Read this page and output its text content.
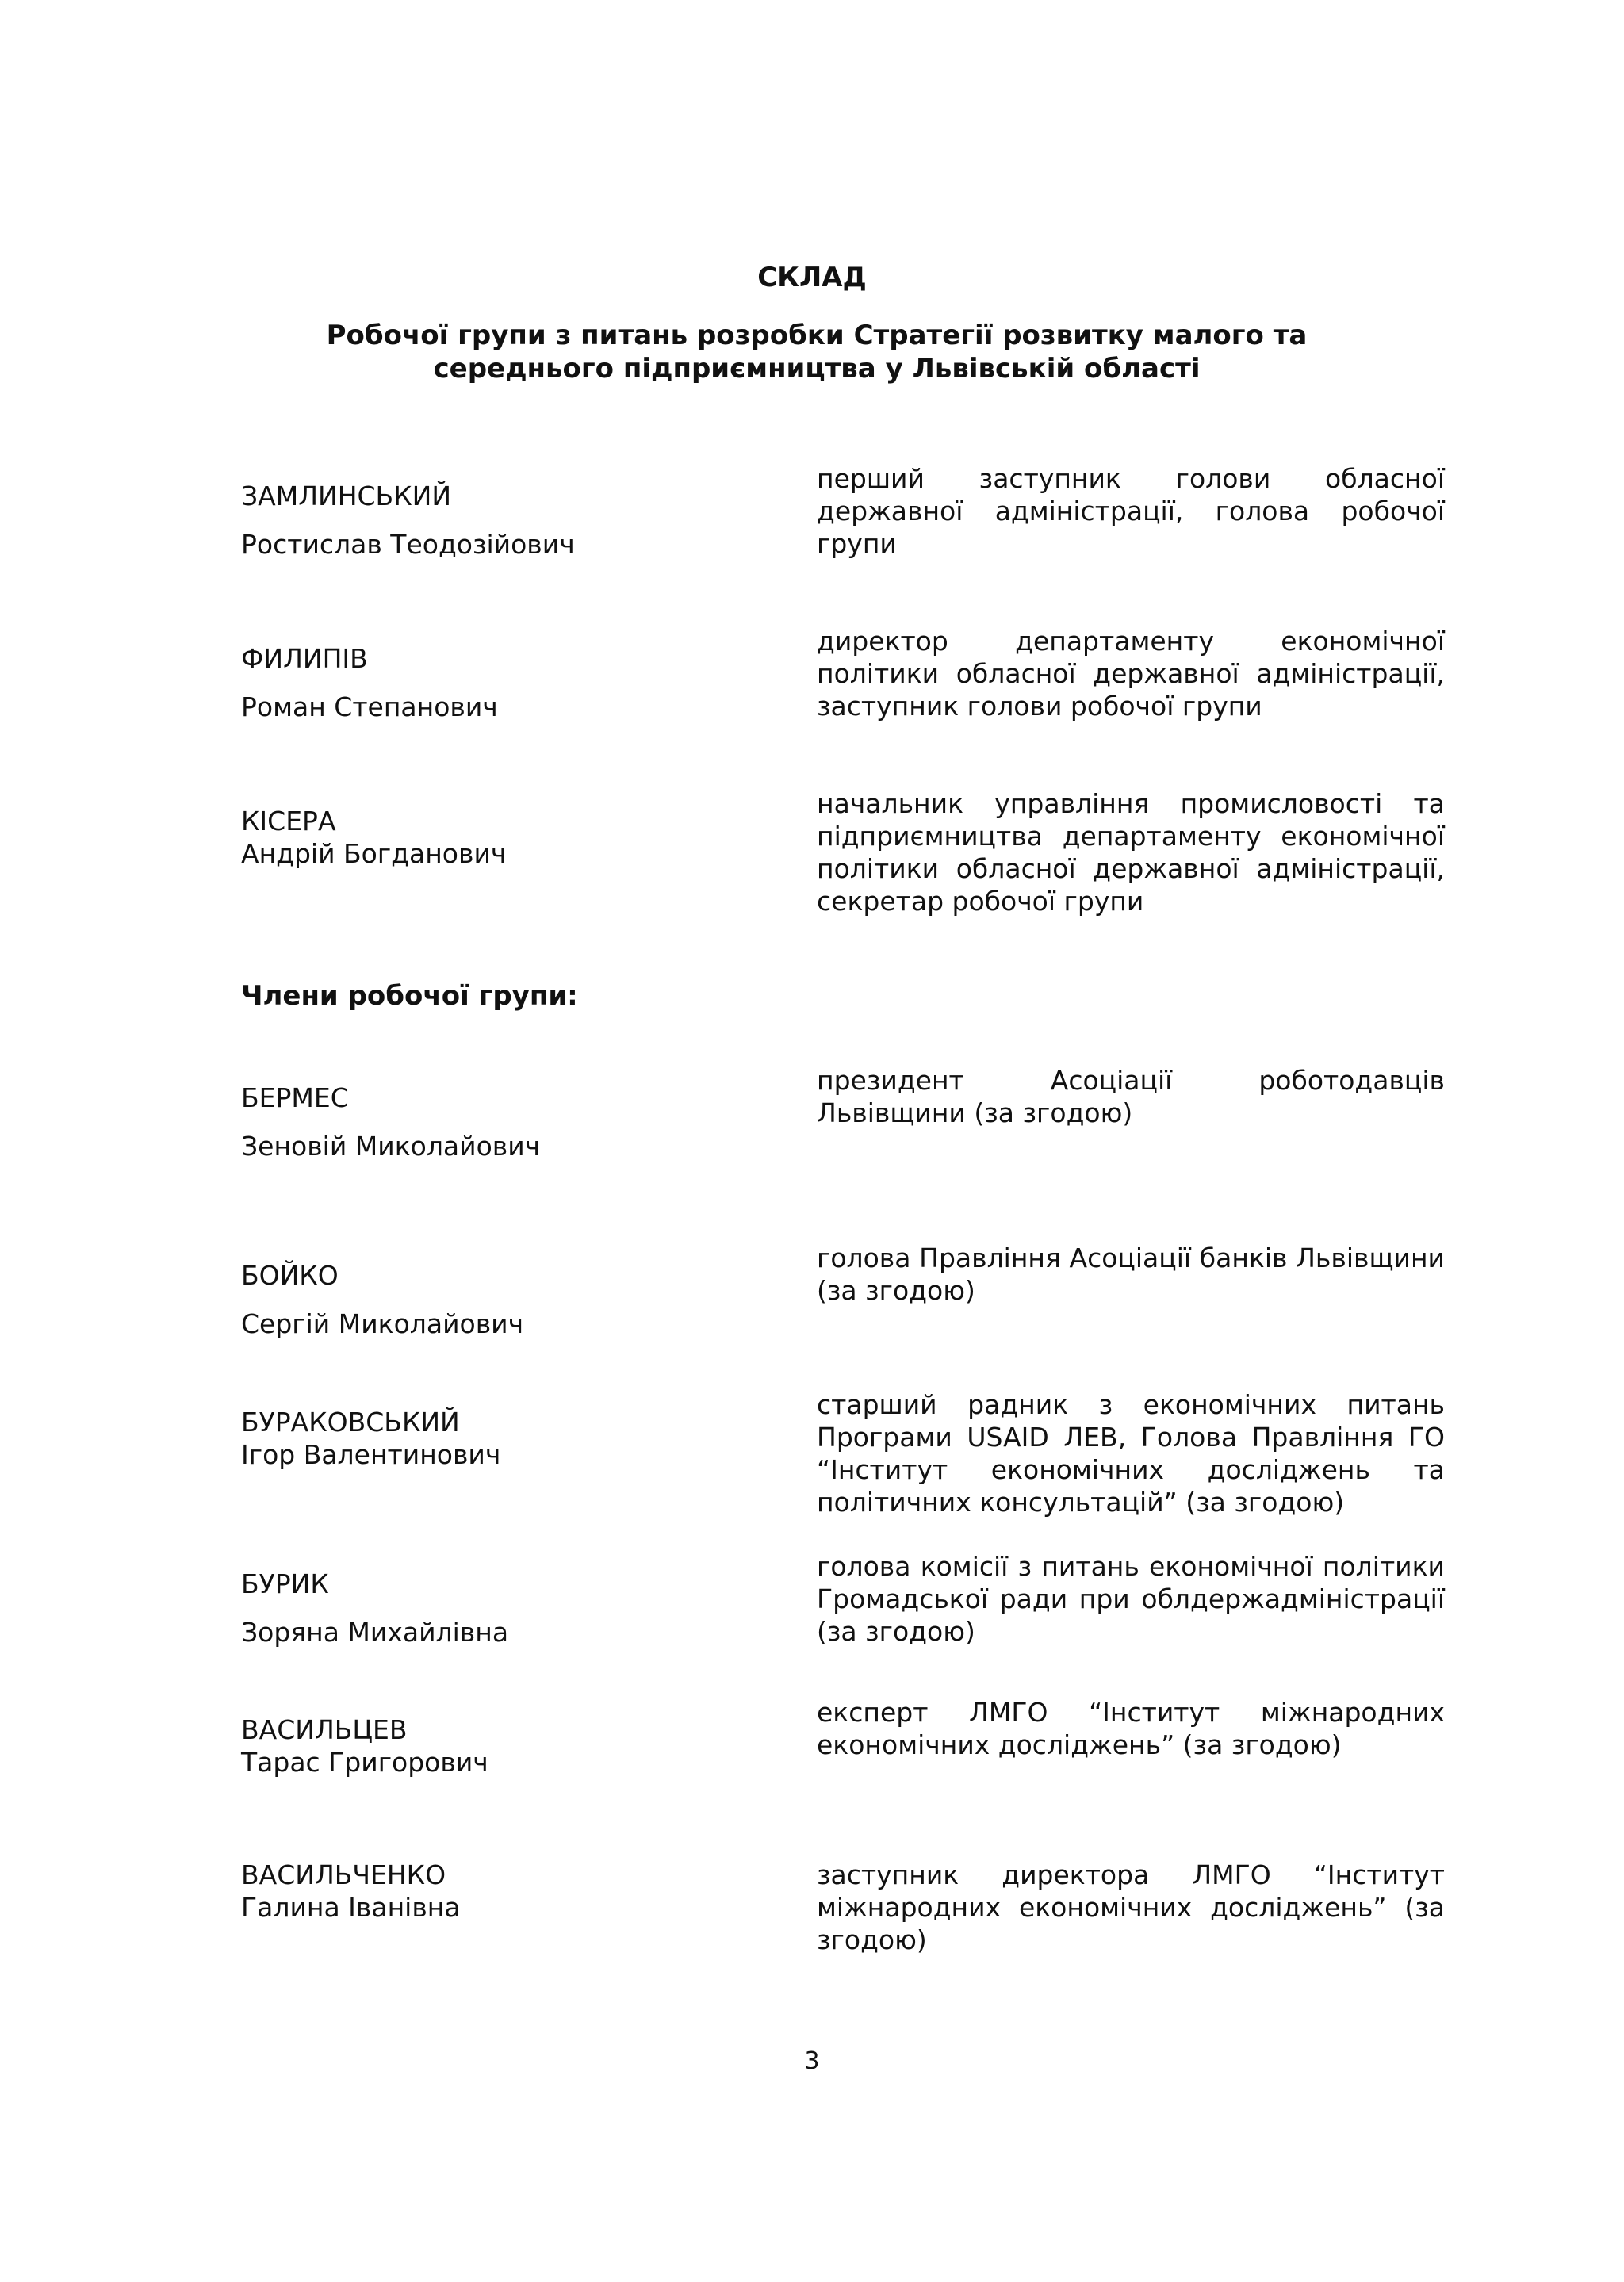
СКЛАД
Робочої групи з питань розробки Стратегії розвитку малого та середнього підприємництва у Львівській області
ЗАМЛИНСЬКИЙ
Ростислав Теодозійович
перший заступник голови обласної державної адміністрації, голова робочої групи
ФИЛИПІВ
Роман Степанович
директор департаменту економічної політики обласної державної адміністрації, заступник голови робочої групи
КІСЕРА
Андрій Богданович
начальник управління промисловості та підприємництва департаменту економічної політики обласної державної адміністрації, секретар робочої групи
Члени робочої групи:
БЕРМЕС
Зеновій Миколайович
президент Асоціації роботодавців Львівщини (за згодою)
БОЙКО
Сергій Миколайович
голова Правління Асоціації банків Львівщини (за згодою)
БУРАКОВСЬКИЙ
Ігор Валентинович
старший радник з економічних питань Програми USAID ЛЕВ, Голова Правління ГО “Інститут економічних досліджень та політичних консультацій” (за згодою)
БУРИК
Зоряна Михайлівна
голова комісії з питань економічної політики Громадської ради при облдержадміністрації (за згодою)
ВАСИЛЬЦЕВ
Тарас Григорович
експерт ЛМГО “Інститут міжнародних економічних досліджень” (за згодою)
ВАСИЛЬЧЕНКО
Галина Іванівна
заступник директора ЛМГО “Інститут міжнародних економічних досліджень” (за згодою)
3
